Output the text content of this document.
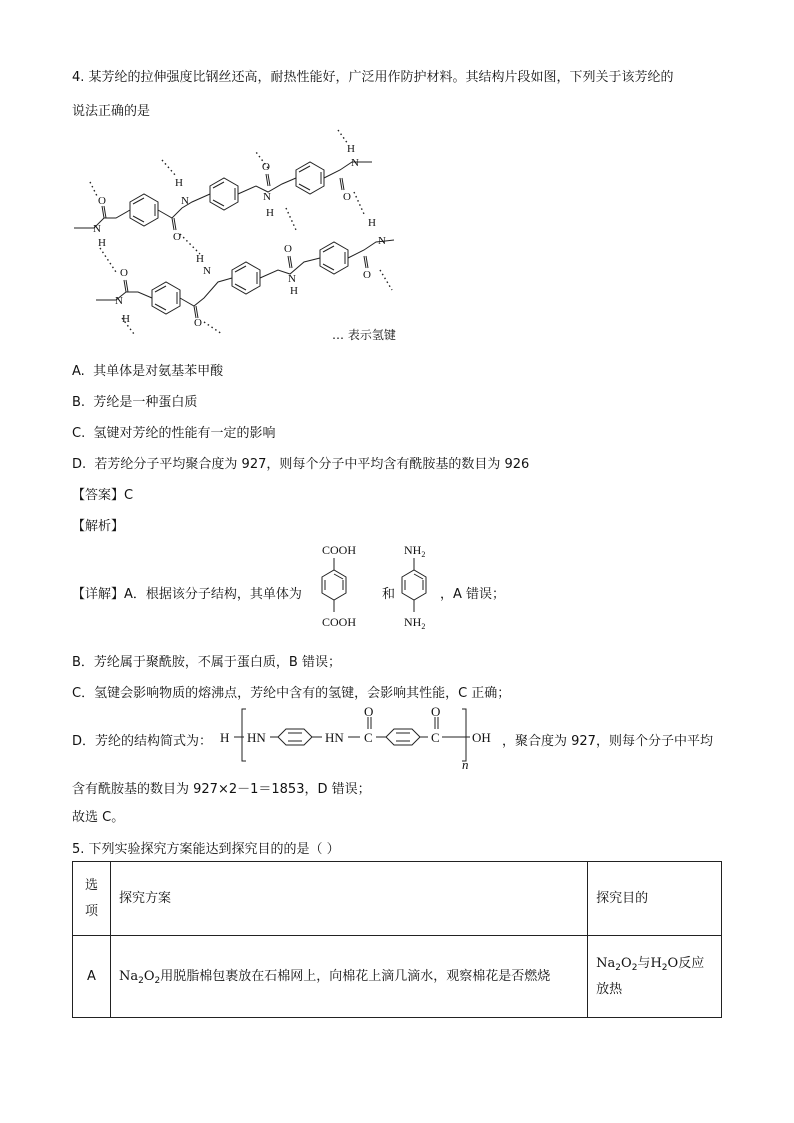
4. 某芳纶的拉伸强度比钢丝还高，耐热性能好，广泛用作防护材料。其结构片段如图，下列关于该芳纶的
说法正确的是
O
N
H
H
N
O
O
N
H
O
H
N
H
O
N
H
N
H
O
O
N
H
O
N
… 表示氢键
A. 其单体是对氨基苯甲酸
B. 芳纶是一种蛋白质
C. 氢键对芳纶的性能有一定的影响
D. 若芳纶分子平均聚合度为 927，则每个分子中平均含有酰胺基的数目为 926
【答案】C
【解析】
【详解】A．根据该分子结构，其单体为
COOH
COOH
$NH_2$
$NH_2$
和	，A 错误；
B．芳纶属于聚酰胺，不属于蛋白质，B 错误；
C．氢键会影响物质的熔沸点，芳纶中含有的氢键，会影响其性能，C 正确；
D．芳纶的结构简式为： H HN	HN C
O
C
O
OH
n
，聚合度为 927，则每个分子中平均
含有酰胺基的数目为 927×2－1＝1853，D 错误；
故选 C。
5. 下列实验探究方案能达到探究目的的是（ ）
选项	探究方案	探究目的
A	$Na_2O_2$用脱脂棉包裹放在石棉网上，向棉花上滴几滴水，观察棉花是否燃烧	$Na_2O_2$与$H_2O$反应放热
